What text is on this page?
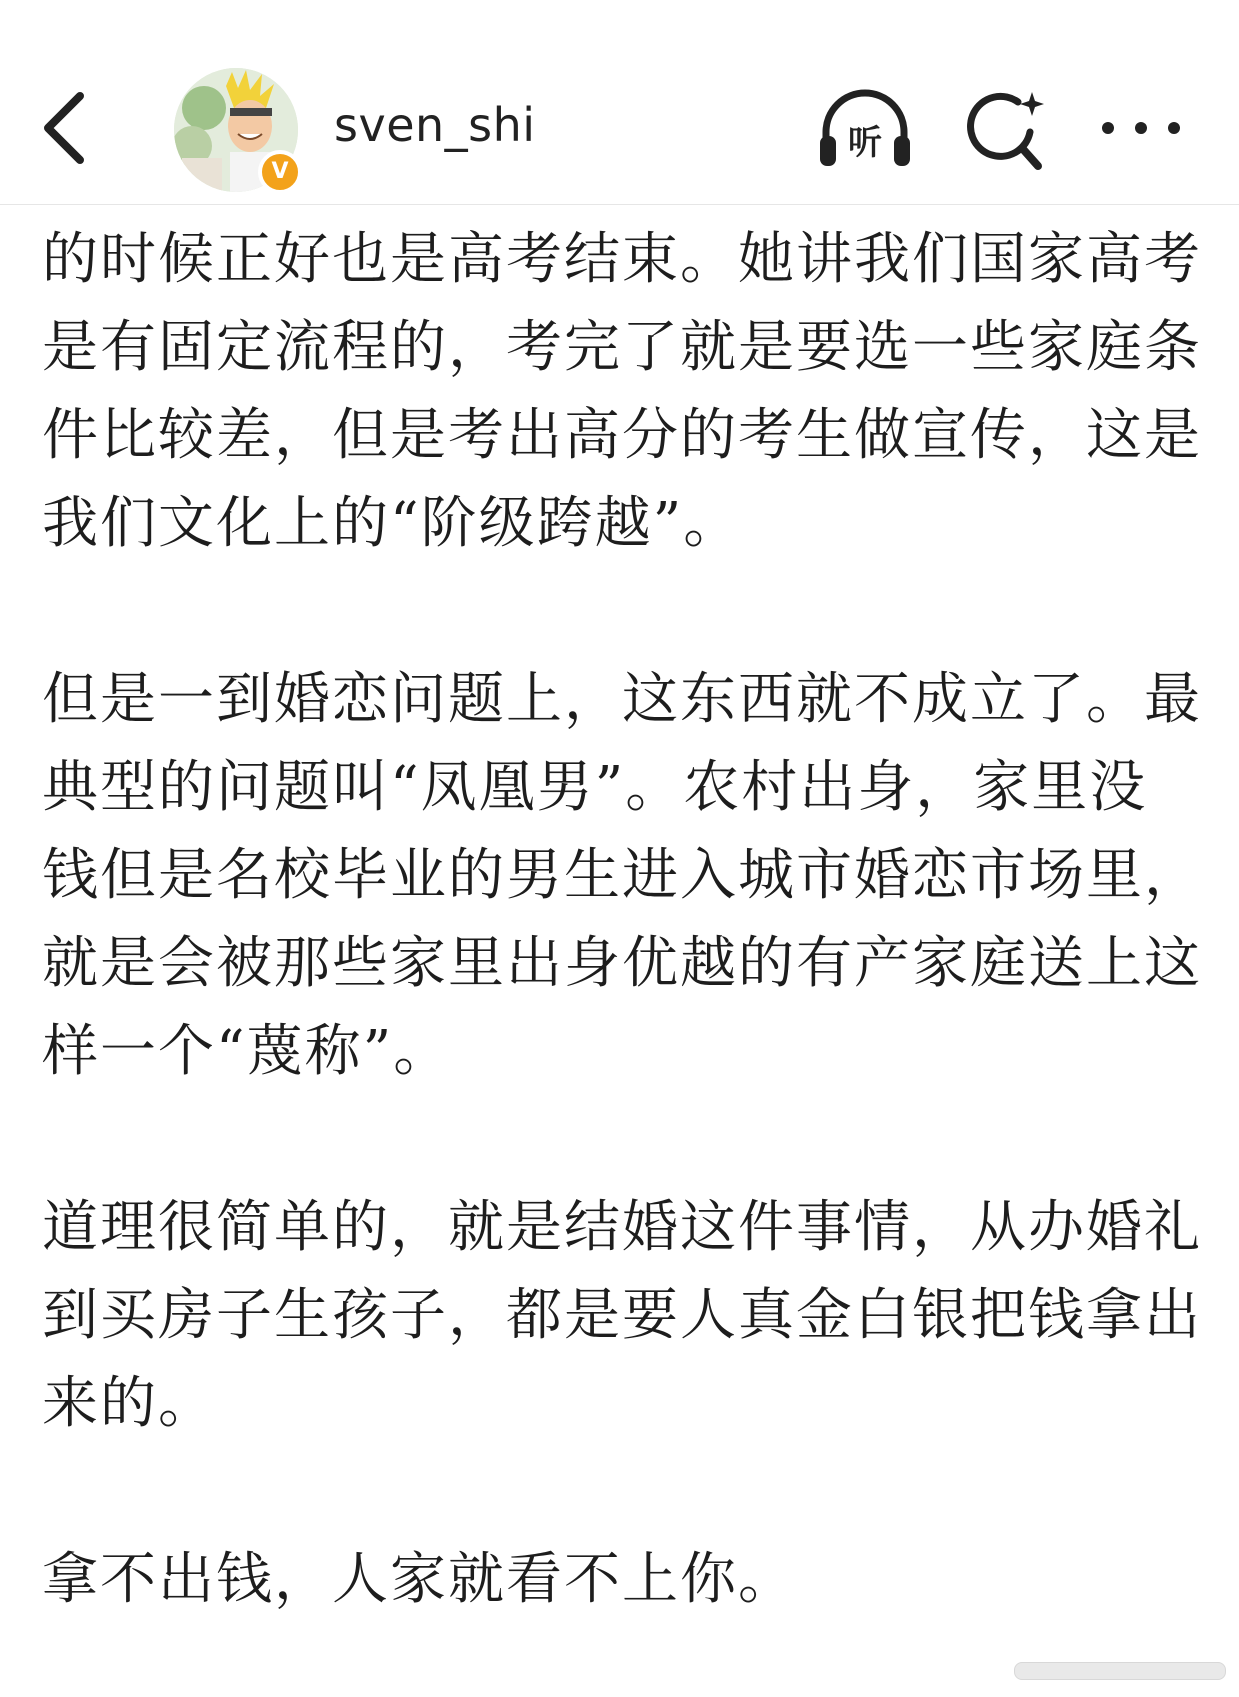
V
sven_shi	听

的时候正好也是高考结束。她讲我们国家高考是有固定流程的，考完了就是要选一些家庭条件比较差，但是考出高分的考生做宣传，这是我们文化上的“阶级跨越”。

但是一到婚恋问题上，这东西就不成立了。最典型的问题叫“凤凰男”。农村出身，家里没钱但是名校毕业的男生进入城市婚恋市场里，就是会被那些家里出身优越的有产家庭送上这样一个“蔑称”。

道理很简单的，就是结婚这件事情，从办婚礼到买房子生孩子，都是要人真金白银把钱拿出来的。

拿不出钱，人家就看不上你。
